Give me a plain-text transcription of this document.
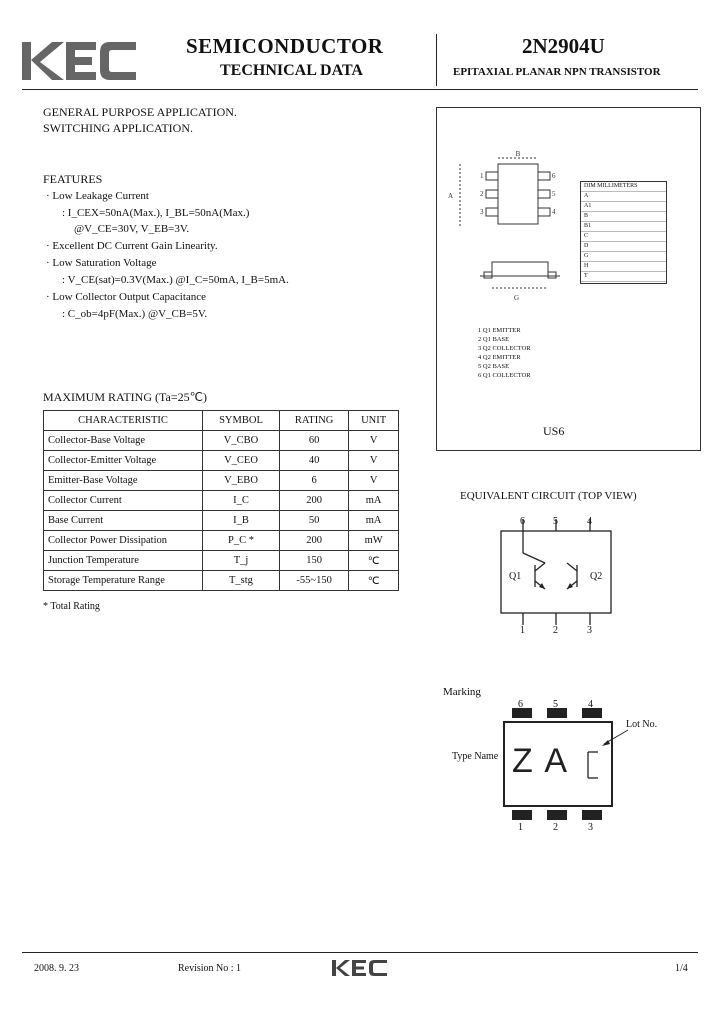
SEMICONDUCTOR
TECHNICAL DATA
2N2904U
EPITAXIAL PLANAR NPN TRANSISTOR
GENERAL PURPOSE APPLICATION.
SWITCHING APPLICATION.
FEATURES
· Low Leakage Current
: I_CEX=50nA(Max.), I_BL=50nA(Max.)
@V_CE=30V, V_EB=3V.
· Excellent DC Current Gain Linearity.
· Low Saturation Voltage
: V_CE(sat)=0.3V(Max.) @I_C=50mA, I_B=5mA.
· Low Collector Output Capacitance
: C_ob=4pF(Max.) @V_CB=5V.
B
A
1
2
3
6
5
4
G
DIM MILLIMETERS
A
A1
B
B1
C
D
G
H
T
1 Q1 EMITTER
2 Q1 BASE
3 Q2 COLLECTOR
4 Q2 EMITTER
5 Q2 BASE
6 Q1 COLLECTOR
US6
MAXIMUM RATING (Ta=25℃)
CHARACTERISTIC	SYMBOL	RATING	UNIT
Collector-Base Voltage	V_CBO	60	V
Collector-Emitter Voltage	V_CEO	40	V
Emitter-Base Voltage	V_EBO	6	V
Collector Current	I_C	200	mA
Base Current	I_B	50	mA
Collector Power Dissipation	P_C *	200	mW
Junction Temperature	T_j	150	℃
Storage Temperature Range	T_stg	-55~150	℃
* Total Rating
EQUIVALENT CIRCUIT (TOP VIEW)
Q1	Q2
6	5	4
1	2	3
Marking
Z A
6	5	4
1	2	3
Type Name
Lot No.
2008. 9. 23	Revision No : 1	1/4
